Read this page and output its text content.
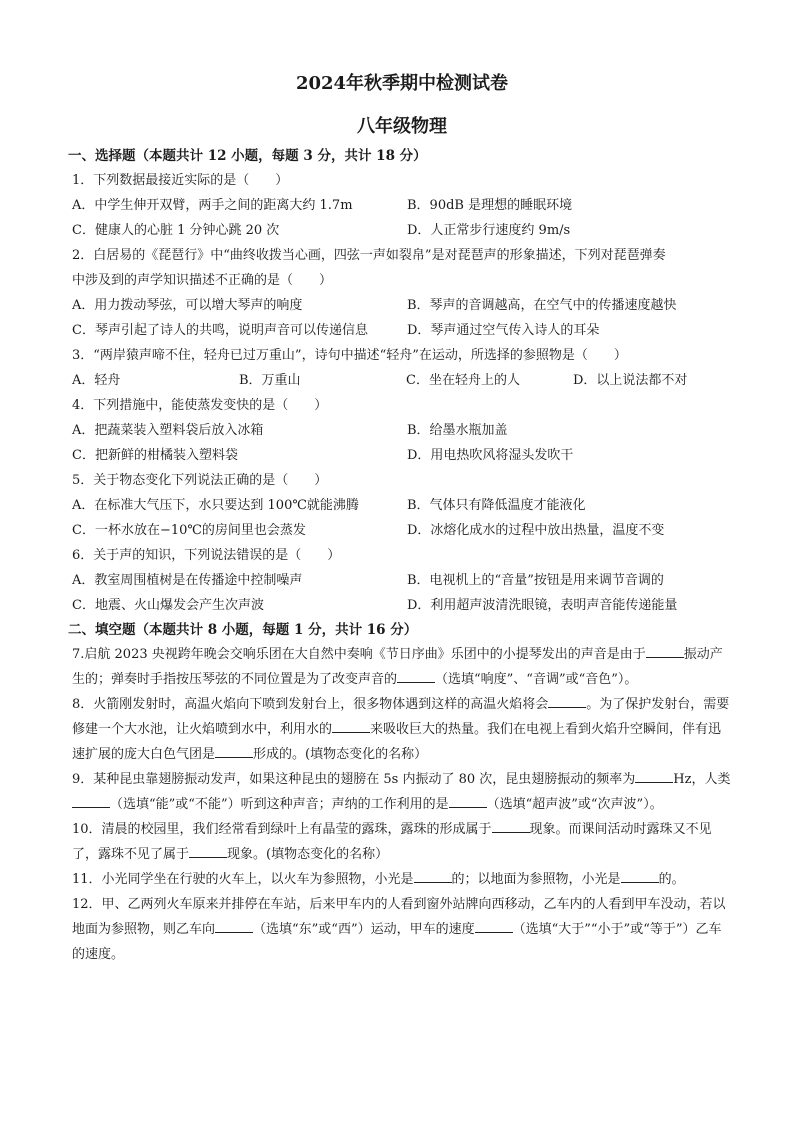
2024年秋季期中检测试卷
八年级物理
一、选择题（本题共计 12 小题，每题 3 分，共计 18 分）
1．下列数据最接近实际的是（　　）
A．中学生伸开双臂，两手之间的距离大约 1.7m	B．90dB 是理想的睡眠环境
C．健康人的心脏 1 分钟心跳 20 次	D．人正常步行速度约 9m/s
2．白居易的《琵琶行》中“曲终收拨当心画，四弦一声如裂帛”是对琵琶声的形象描述，下列对琵琶弹奏
中涉及到的声学知识描述不正确的是（　　）
A．用力拨动琴弦，可以增大琴声的响度	B．琴声的音调越高，在空气中的传播速度越快
C．琴声引起了诗人的共鸣，说明声音可以传递信息	D．琴声通过空气传入诗人的耳朵
3．“两岸猿声啼不住，轻舟已过万重山”，诗句中描述“轻舟”在运动，所选择的参照物是（　　）
A．轻舟	B．万重山	C．坐在轻舟上的人	D．以上说法都不对
4．下列措施中，能使蒸发变快的是（　　）
A．把蔬菜装入塑料袋后放入冰箱	B．给墨水瓶加盖
C．把新鲜的柑橘装入塑料袋	D．用电热吹风将湿头发吹干
5．关于物态变化下列说法正确的是（　　）
A．在标准大气压下，水只要达到 100℃就能沸腾	B．气体只有降低温度才能液化
C．一杯水放在−10℃的房间里也会蒸发	D．冰熔化成水的过程中放出热量，温度不变
6．关于声的知识，下列说法错误的是（　　）
A．教室周围植树是在传播途中控制噪声	B．电视机上的“音量”按钮是用来调节音调的
C．地震、火山爆发会产生次声波	D．利用超声波清洗眼镜，表明声音能传递能量
二、填空题（本题共计 8 小题，每题 1 分，共计 16 分）
7.启航 2023 央视跨年晚会交响乐团在大自然中奏响《节日序曲》乐团中的小提琴发出的声音是由于	振动产生的；弹奏时手指按压琴弦的不同位置是为了改变声音的	（选填“响度”、“音调”或“音色”）。
8．火箭刚发射时，高温火焰向下喷到发射台上，很多物体遇到这样的高温火焰将会	。为了保护发射台，需要修建一个大水池，让火焰喷到水中，利用水的	来吸收巨大的热量。我们在电视上看到火焰升空瞬间，伴有迅速扩展的庞大白色气团是	形成的。(填物态变化的名称）
9．某种昆虫靠翅膀振动发声，如果这种昆虫的翅膀在 5s 内振动了 80 次，昆虫翅膀振动的频率为	Hz，人类（选填“能”或“不能”）听到这种声音；声纳的工作利用的是	（选填“超声波”或“次声波”）。
10．清晨的校园里，我们经常看到绿叶上有晶莹的露珠，露珠的形成属于	现象。而课间活动时露珠又不见了，露珠不见了属于	现象。(填物态变化的名称）
11．小光同学坐在行驶的火车上，以火车为参照物，小光是	的；以地面为参照物，小光是	的。
12．甲、乙两列火车原来并排停在车站，后来甲车内的人看到窗外站牌向西移动，乙车内的人看到甲车没动，若以地面为参照物，则乙车向	（选填“东”或“西”）运动，甲车的速度	（选填“大于”“小于”或“等于”）乙车的速度。
